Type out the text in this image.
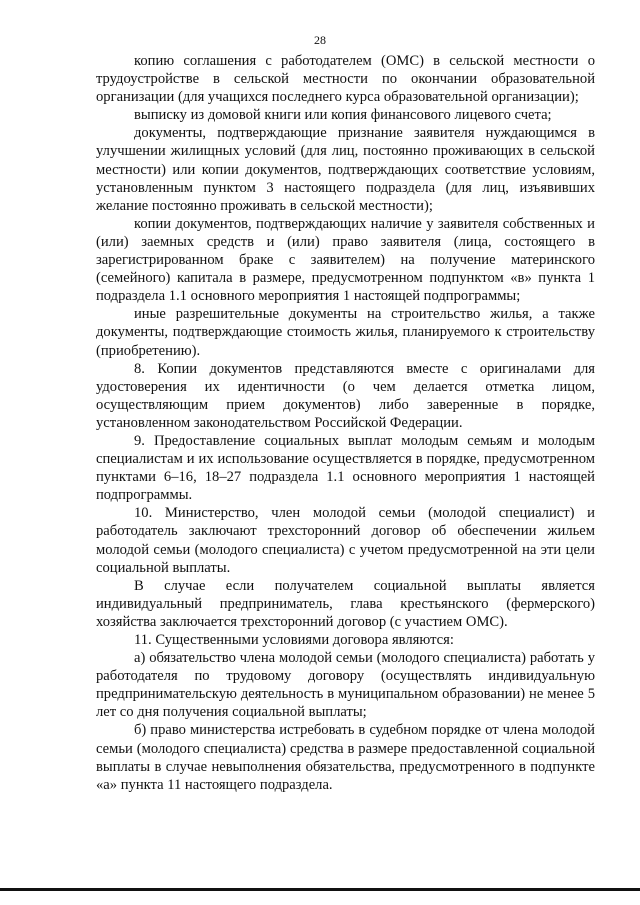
28

копию соглашения с работодателем (ОМС) в сельской местности о трудоустройстве в сельской местности по окончании образовательной организации (для учащихся последнего курса образовательной организации);

выписку из домовой книги или копия финансового лицевого счета;

документы, подтверждающие признание заявителя нуждающимся в улучшении жилищных условий (для лиц, постоянно проживающих в сельской местности) или копии документов, подтверждающих соответствие условиям, установленным пунктом 3 настоящего подраздела (для лиц, изъявивших желание постоянно проживать в сельской местности);

копии документов, подтверждающих наличие у заявителя собственных и (или) заемных средств и (или) право заявителя (лица, состоящего в зарегистрированном браке с заявителем) на получение материнского (семейного) капитала в размере, предусмотренном подпунктом «в» пункта 1 подраздела 1.1 основного мероприятия 1 настоящей подпрограммы;

иные разрешительные документы на строительство жилья, а также документы, подтверждающие стоимость жилья, планируемого к строительству (приобретению).

8. Копии документов представляются вместе с оригиналами для удостоверения их идентичности (о чем делается отметка лицом, осуществляющим прием документов) либо заверенные в порядке, установленном законодательством Российской Федерации.

9. Предоставление социальных выплат молодым семьям и молодым специалистам и их использование осуществляется в порядке, предусмотренном пунктами 6–16, 18–27 подраздела 1.1 основного мероприятия 1 настоящей подпрограммы.

10. Министерство, член молодой семьи (молодой специалист) и работодатель заключают трехсторонний договор об обеспечении жильем молодой семьи (молодого специалиста) с учетом предусмотренной на эти цели социальной выплаты.

В случае если получателем социальной выплаты является индивидуальный предприниматель, глава крестьянского (фермерского) хозяйства заключается трехсторонний договор (с участием ОМС).

11. Существенными условиями договора являются:

а) обязательство члена молодой семьи (молодого специалиста) работать у работодателя по трудовому договору (осуществлять индивидуальную предпринимательскую деятельность в муниципальном образовании) не менее 5 лет со дня получения социальной выплаты;

б) право министерства истребовать в судебном порядке от члена молодой семьи (молодого специалиста) средства в размере предоставленной социальной выплаты в случае невыполнения обязательства, предусмотренного в подпункте «а» пункта 11 настоящего подраздела.
